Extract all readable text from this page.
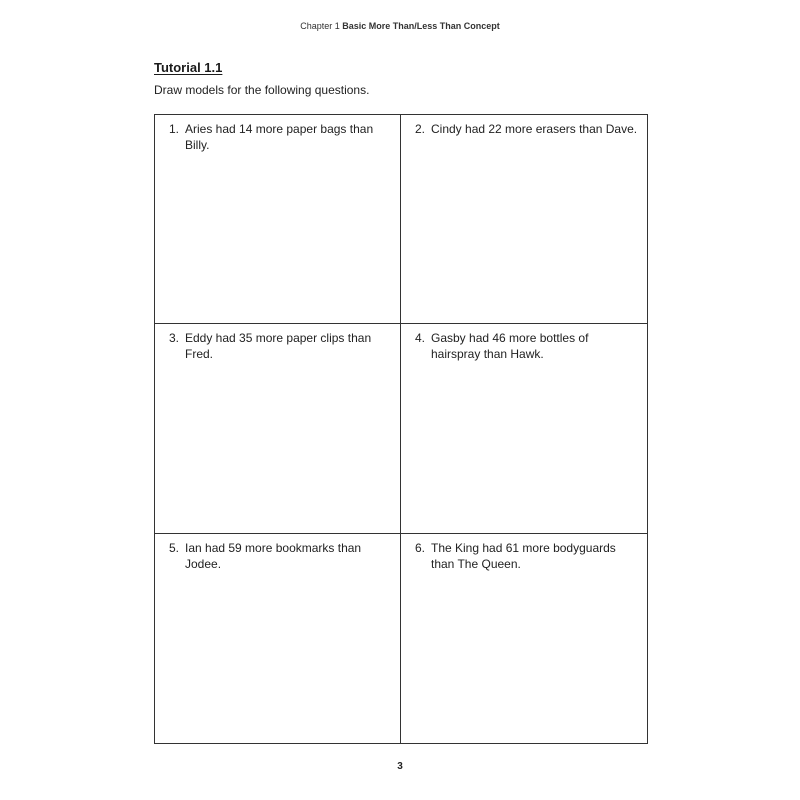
Chapter 1 Basic More Than/Less Than Concept
Tutorial 1.1
Draw models for the following questions.
1. Aries had 14 more paper bags than Billy.
2. Cindy had 22 more erasers than Dave.
3. Eddy had 35 more paper clips than Fred.
4. Gasby had 46 more bottles of hairspray than Hawk.
5. Ian had 59 more bookmarks than Jodee.
6. The King had 61 more bodyguards than The Queen.
3
